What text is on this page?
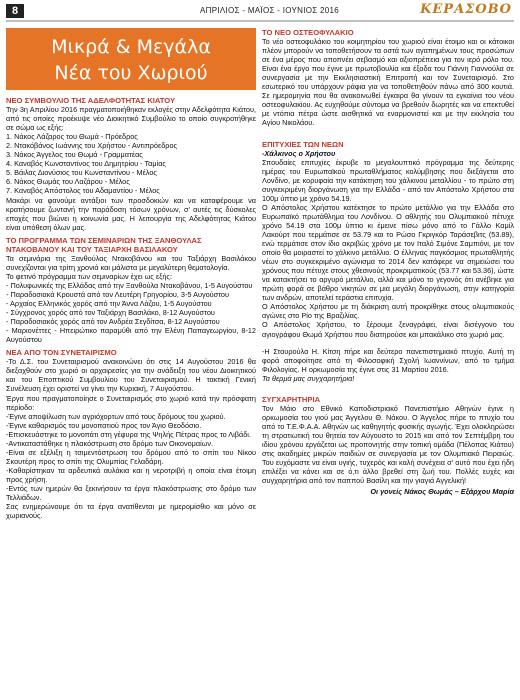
8	ΑΠΡΙΛΙΟΣ - ΜΑΪΟΣ - ΙΟΥΝΙΟΣ 2016	ΚΕΡΑΣΟΒΟ
Μικρά & Μεγάλα
Νέα του Χωριού
ΝΕΟ ΣΥΜΒΟΥΛΙΟ ΤΗΣ ΑΔΕΛΦΟΤΗΤΑΣ ΚΙΑΤΟΥ

Την 3η Απριλίου 2016 πραγματοποιήθηκαν εκλογές στην Αδελφότητα Κιάτου, από τις οποίες προέκυψε νέο Διοικητικό Συμβούλιο το οποίο συγκροτήθηκε σε σώμα ως εξής:

1. Νάκος Λάζαρος του Θωμά - Πρόεδρος

2. Ντακόβάνος Ιωάννης του Χρήστου - Αντιπρόεδρος

3. Νάκος Άγγελος του Θωμά - Γραμματέας

4. Καναβός Κωνσταντίνος του Δημητρίου - Ταμίας

5. Βάιλας Διονύσιος του Κωνσταντίνου - Μέλος

6. Νάκος Θωμάς του Λαζάρου - Μέλος

7. Καναβός Απόστολος του Αδαμαντίου - Μέλος

Μακάρι να φανούμε αντάξιοι των προσδοκιών και να καταφέρουμε να κρατήσουμε ζωντανή την παράδοση τόσων χρόνων, σ' αυτές τις δύσκολες εποχές που βιώνει η κοινωνία μας. Η λειτουργία της Αδελφότητας Κιάτου είναι υπόθεση όλων μας.

ΤΟ ΠΡΟΓΡΑΜΜΑ ΤΩΝ ΣΕΜΙΝΑΡΙΩΝ ΤΗΣ ΞΑΝΘΟΥΛΑΣ
ΝΤΑΚΟΒΑΝΟΥ ΚΑΙ ΤΟΥ ΤΑΞΙΑΡΧΗ ΒΑΣΙΛΑΚΟΥ

Τα σεμινάρια της Ξανθούλας Ντακοβάνου και του Ταξιάρχη Βασιλάκου συνεχίζονται για τρίτη χρονιά και μάλιστα με μεγαλύτερη θεματολογία.

Το φετινό πρόγραμμα των σεμιναρίων έχει ως εξής:

- Πολυφωνικές της Ελλάδας από την Ξανθούλα Ντακοβάνου, 1-5 Αυγούστου

- Παραδοσιακά Κρουστά από τον Λευτέρη Γρηγορίου, 3-5 Αυγούστου

- Αρχαίος Ελληνικός χορός από την Άννα Λάζου, 1-5 Αυγούστου

- Σύγχρονος χορός από τον Ταξιάρχη Βασιλάκο, 8-12 Αυγούστου

- Παραδοσιακός χορός από τον Ανδρέα Σεγδίτσα, 8-12 Αυγούστου

- Μαριονέττες - Ηπειρώτικο παραμύθι από την Ελένη Παπαγεωργίου, 8-12 Αυγούστου

ΝΕΑ ΑΠΟ ΤΟΝ ΣΥΝΕΤΑΙΡΙΣΜΟ

-Το Δ.Σ. του Συνεταιρισμού ανακοινώνει ότι στις 14 Αυγούστου 2016 θα διεξαχθούν στο χωριό οι αρχαιρεσίες για την ανάδειξη του νέου Διοικητικού και του Εποπτικού Συμβουλίου του Συνεταιρισμού. Η τακτική Γενική Συνέλευση έχει οριστεί να γίνει την Κυριακή, 7 Αυγούστου.

Έργα που πραγματοποίησε ο Συνεταιρισμός στο χωριό κατά την πρόσφατη περίοδο:

-Έγινε αποψίλωση των αγριόχορτων από τους δρόμους του χωριού.

-Έγινε καθαρισμός του μονοπατιού προς τον Άγιο Θεοδόσιο.

-Επισκευάστηκε το μονοπάτι στη γέφυρα της Ψηλής Πέτρας προς το Λιβάδι.

-Αντικαταστάθηκε η πλακόστρωση στο δρόμο των Οικονομαίων.

-Είναι σε εξέλιξη η τσιμεντόστρωση του δρόμου από το σπίτι του Νίκου Σκουτέρη προς το σπίτι της Ολυμπίας Γελαδάρη.

-Καθαρίστηκαν τα αρδευτικά αυλάκια και η νεροτριβή η οποία είναι έτοιμη προς χρήση.

-Εντός των ημερών θα ξεκινήσουν τα έργα πλακόστρωσης στο δρόμο των Τελλιάδων.

Σας ενημερώνουμε ότι τα έργα ανατίθενται με ημερομίσθιο και μόνο σε χωριανούς.

ΤΟ ΝΕΟ ΟΣΤΕΟΦΥΛΑΚΙΟ

Το νέο οστεοφυλάκιο του κοιμητηρίου του χωριού είναι έτοιμο και οι κάτοικοι πλέον μπορούν να τοποθετήσουν τα οστά των αγαπημένων τους προσώπων σε ένα μέρος που αποπνέει σεβασμό και αξιοπρέπεια για τον ιερό ρόλο του. Είναι ένα έργο που έγινε με πρωτοβουλία και έξοδα του Γιάννη Γιαννούλα σε συνεργασία με την Εκκλησιαστική Επιτροπή και τον Συνεταιρισμό. Στο εσωτερικό του υπάρχουν ράφια για να τοποθετηθούν πάνω από 300 κουτιά. Σε ημερομηνία που θα ανακοινωθεί έγκαιρα θα γίνουν τα εγκαίνια του νέου οστεοφυλακίου. Ας ευχηθούμε σύντομα να βρεθούν δωρητές και να επεκτυθεί με ντόπια πέτρα ώστε αισθητικά να εναρμονιστεί και με την εκκλησία του Αγίου Νικολάου.

ΕΠΙΤΥΧΙΕΣ ΤΩΝ ΝΕΩΝ

-Χάλκινος ο Χρήστου

Σπουδαίες επιτυχίες έκρυβε το μεγαλουπτικό πρόγραμμα της δεύτερης ημέρας του Ευρωπαϊκού πρωταθλήματος κολύμβησης που διεξάγεται στο Λονδίνο, με κορυφαία την κατάκτηση του χάλκινου μεταλλίου - το πρώτο στη συγκεκριμένη διοργάνωση για την Ελλάδα - από τον Απόστολο Χρήστου στα 100μ ύπτιο με χρόνο 54.19.

Ο Απόστολος Χρήστου κατέκτησε το πρώτο μετάλλιο για την Ελλάδα στο Ευρωπαϊκό πρωτάθλημα του Λονδίνου. Ο αθλητής του Ολυμπιακού πέτυχε χρόνο 54.19 στα 100μ ύπτιο κι έμεινε πίσω μόνο από το Γάλλο Καμίλ Λακούρτ που τερμάτισε σε 53.79 και το Ρώσο Γκριγκόρ Ταράσεβιτς (53.89), ενώ τερμάτισε στον ίδιο ακριβώς χρόνο με τον Ιταλό Σιμόνε Σαμπιόνι, με τον οποίο θα μοιραστεί το χάλκινο μετάλλιο. Ο έλληνας παγκόσμιος πρωταθλητής νέων στο συγκεκριμένο αγώνισμα το 2014 δεν κατάφερε να σημειώσει του χρόνους που πέτυχε στους χθεσινούς προκριματικούς (53.77 και 53.36), ώστε να κατακτήσει το αργυρό μετάλλιο, αλλά και μόνο το γεγονός ότι ανέβηκε για πρώτη φορά σε βάθρο νικητών σε μια μεγάλη διοργάνωση, στην κατηγορία των ανδρών, αποτελεί τεράστια επιτυχία.

Ο Απόστολος Χρήστου με τη διάκριση αυτή προκρίθηκε στους ολυμπιακούς αγώνες στο Ρίο της Βραζιλίας.

Ο Απόστολος Χρήστου, το ξέρουμε ξεναγράφει, είναι δισέγγονο του αγιογράφου Θωμά Χρήστου που διατηρούσε και μπακάλικο στο χωριό μας.

-Η Σταυρούλα Η. Κίτση πήρε και δεύτερο πανεπιστημιακό πτυχίο. Αυτή τη φορά αποφοίτησε από τη Φιλοσοφική Σχολή Ιωαννίνων, από το τμήμα Φιλολογίας. Η ορκωμοσία της έγινε στις 31 Μαρτίου 2016.

Τα θερμά μας συγχαρητήρια!

ΣΥΓΧΑΡΗΤΗΡΙΑ

Τον Μάιο στο Εθνικό Καποδιστριακό Πανεπιστήμιο Αθηνών έγινε η ορκωμοσία του γιού μας Άγγελου Θ. Νάκου. Ο Άγγελος πήρε το πτυχίο του από το Τ.Ε.Φ.Α.Α. Αθηνών ως καθηγητής φυσικής αγωγής. Έχει ολοκληρώσει τη στρατιωτική του θητεία τον Αύγουστο το 2015 και από τον Σεπτέμβρη του ιδίου χρόνου εργάζεται ως προπονητής στην τοπική ομάδα (Πέλοπας Κιάτου) στις ακαδημίες μικρών παιδιών σε συνεργασία με τον Ολυμπιακό Πειραιώς. Του ευχόμαστε να είναι υγιής, τυχερός και καλή συνέχεια σ' αυτό που έχει ήδη επιλέξει να κάνει και σε ό,τι άλλο βρεθεί στη ζωή του. Πολλές ευχές και συγχαρητήρια από τον παππού Βασίλη και την γιαγιά Αγγελική!

Οι γονείς Νάκος Θωμάς – Εξάρχου Μαρία
